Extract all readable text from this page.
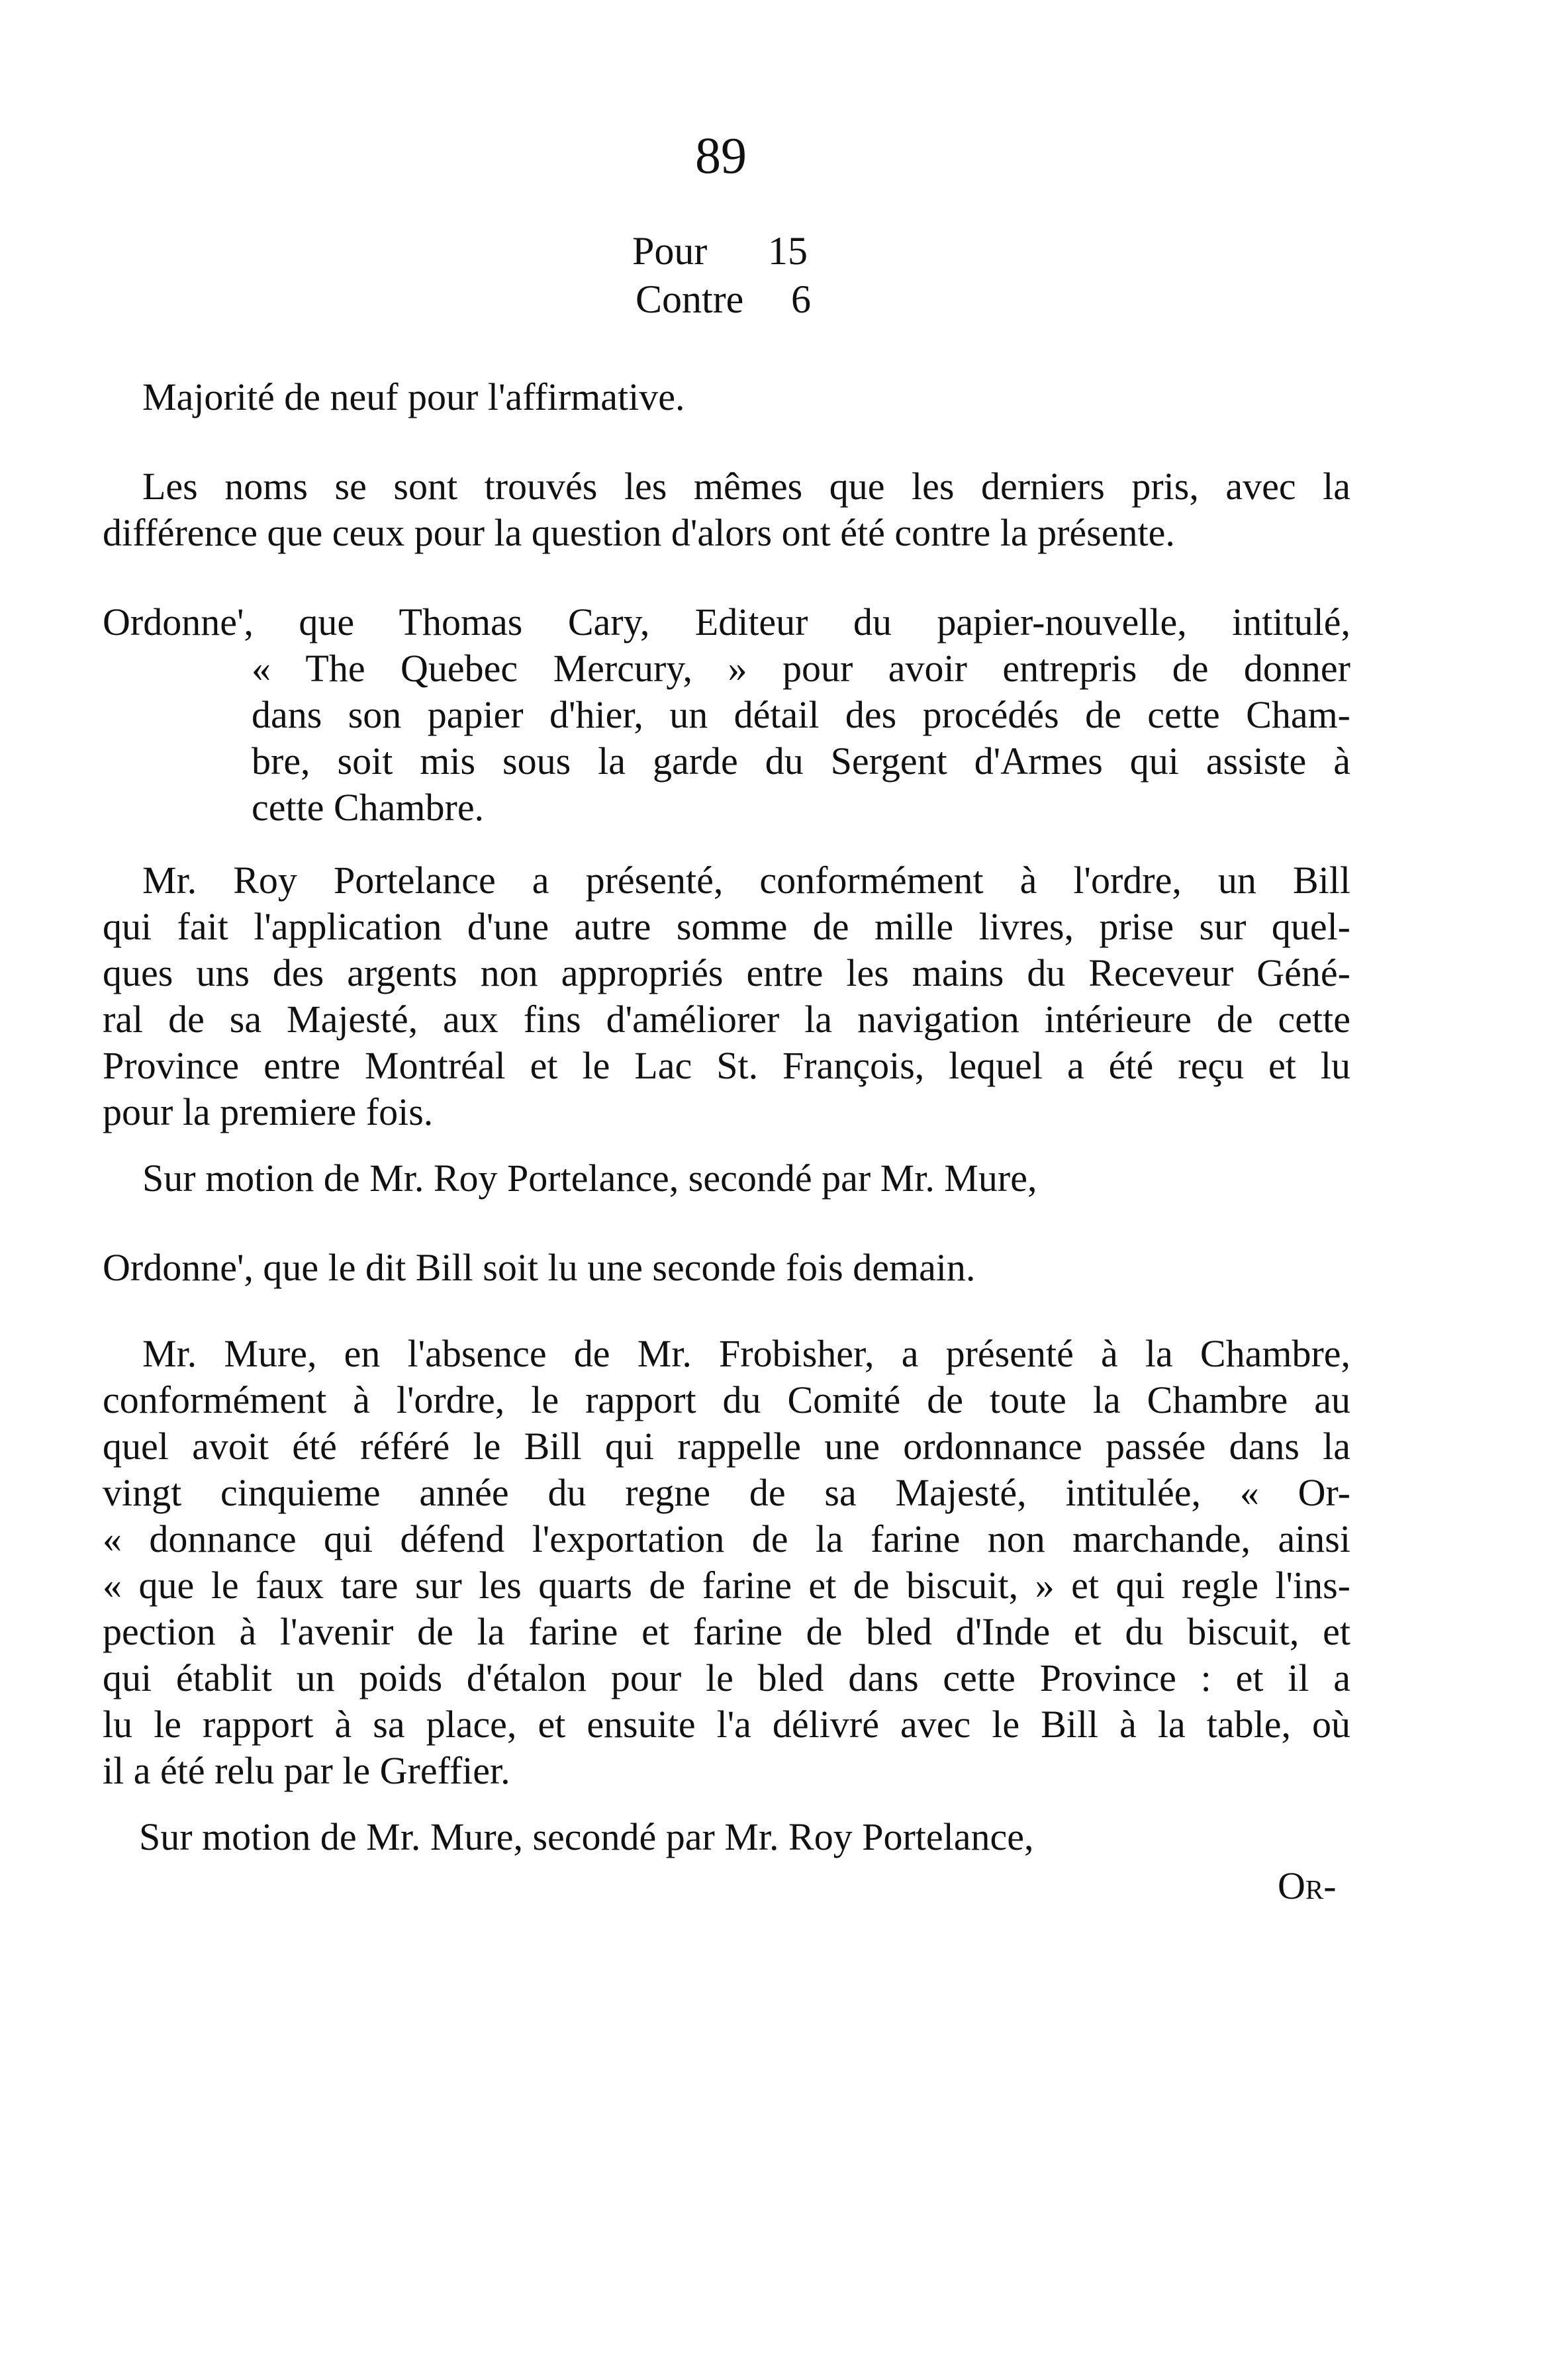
89
Pour 15
Contre 6
Majorité de neuf pour l'affirmative.
Les noms se sont trouvés les mêmes que les derniers pris, avec la
différence que ceux pour la question d'alors ont été contre la présente.
Ordonne', que Thomas Cary, Editeur du papier-nouvelle, intitulé,
« The Quebec Mercury, » pour avoir entrepris de donner
dans son papier d'hier, un détail des procédés de cette Cham-
bre, soit mis sous la garde du Sergent d'Armes qui assiste à
cette Chambre.
Mr. Roy Portelance a présenté, conformément à l'ordre, un Bill
qui fait l'application d'une autre somme de mille livres, prise sur quel-
ques uns des argents non appropriés entre les mains du Receveur Géné-
ral de sa Majesté, aux fins d'améliorer la navigation intérieure de cette
Province entre Montréal et le Lac St. François, lequel a été reçu et lu
pour la premiere fois.
Sur motion de Mr. Roy Portelance, secondé par Mr. Mure,
Ordonne', que le dit Bill soit lu une seconde fois demain.
Mr. Mure, en l'absence de Mr. Frobisher, a présenté à la Chambre,
conformément à l'ordre, le rapport du Comité de toute la Chambre au
quel avoit été référé le Bill qui rappelle une ordonnance passée dans la
vingt cinquieme année du regne de sa Majesté, intitulée, « Or-
« donnance qui défend l'exportation de la farine non marchande, ainsi
« que le faux tare sur les quarts de farine et de biscuit, » et qui regle l'ins-
pection à l'avenir de la farine et farine de bled d'Inde et du biscuit, et
qui établit un poids d'étalon pour le bled dans cette Province : et il a
lu le rapport à sa place, et ensuite l'a délivré avec le Bill à la table, où
il a été relu par le Greffier.
Sur motion de Mr. Mure, secondé par Mr. Roy Portelance,
Or-
